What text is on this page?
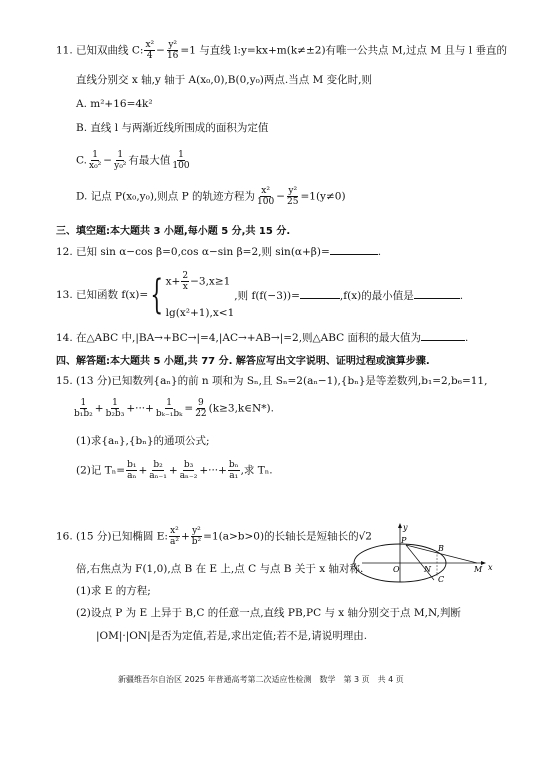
11. 已知双曲线 C: $\frac{\text{x²}}{4} - \frac{\text{y²}}{16} =1$ 与直线 l:y=kx+m(k≠±2)有唯一公共点 M,过点 M 且与 l 垂直的
直线分别交 x 轴,y 轴于 A(x₀,0),B(0,y₀)两点.当点 M 变化时,则
A. m²+16=4k²
B. 直线 l 与两渐近线所围成的面积为定值
C. $\frac{1}{\text{x₀²}} - \frac{1}{\text{y₀²}}$ 有最大值 $\frac{1}{100}$
D. 记点 P(x₀,y₀),则点 P 的轨迹方程为 $\frac{\text{x²}}{100} - \frac{\text{y²}}{25} =1(y\ne 0)$
三、填空题:本大题共 3 小题,每小题 5 分,共 15 分.
12. 已知 sin α−cos β=0,cos α−sin β=2,则 sin(α+β)=	.
13. 已知函数 f(x)={ $x+ \frac{2}{x} -3,x\ge 1$
lg(x²+1),x<1
,则 f(f(−3))=	,f(x)的最小值是	.
14. 在△ABC 中,|BA→+BC→|=4,|AC→+AB→|=2,则△ABC 面积的最大值为	.
四、解答题:本大题共 5 小题,共 77 分. 解答应写出文字说明、证明过程或演算步骤.
15. (13 分)已知数列{aₙ}的前 n 项和为 Sₙ,且 Sₙ=2(aₙ−1),{bₙ}是等差数列,b₁=2,b₆=11,
$\frac{1}{\text{b₁b₂}} + \frac{1}{\text{b₂b₃}}$ +···+ $\frac{1}{\text{bₖ₋₁bₖ}} = \frac{9}{22}$ (k≥3,k∈N*).
(1)求{aₙ},{bₙ}的通项公式;
(2)记 $T_n= \frac{\text{b₁}}{\text{aₙ}} + \frac{\text{b₂}}{\text{aₙ₋₁}} + \frac{\text{b₃}}{\text{aₙ₋₂}}$ +···+ $\frac{\text{bₙ}}{\text{a₁}}$ ,求 Tₙ.
16. (15 分)已知椭圆 E: $\frac{\text{x²}}{\text{a²}} + \frac{\text{y²}}{\text{b²}} =1(a>b>0)$的长轴长是短轴长的√2
倍,右焦点为 F(1,0),点 B 在 E 上,点 C 与点 B 关于 x 轴对称.
(1)求 E 的方程;
(2)设点 P 为 E 上异于 B,C 的任意一点,直线 PB,PC 与 x 轴分别交于点 M,N,判断
|OM|·|ON|是否为定值,若是,求出定值;若不是,请说明理由.
y
x
P
B
O	N
C
M
新疆维吾尔自治区 2025 年普通高考第二次适应性检测　数学　第 3 页　共 4 页
